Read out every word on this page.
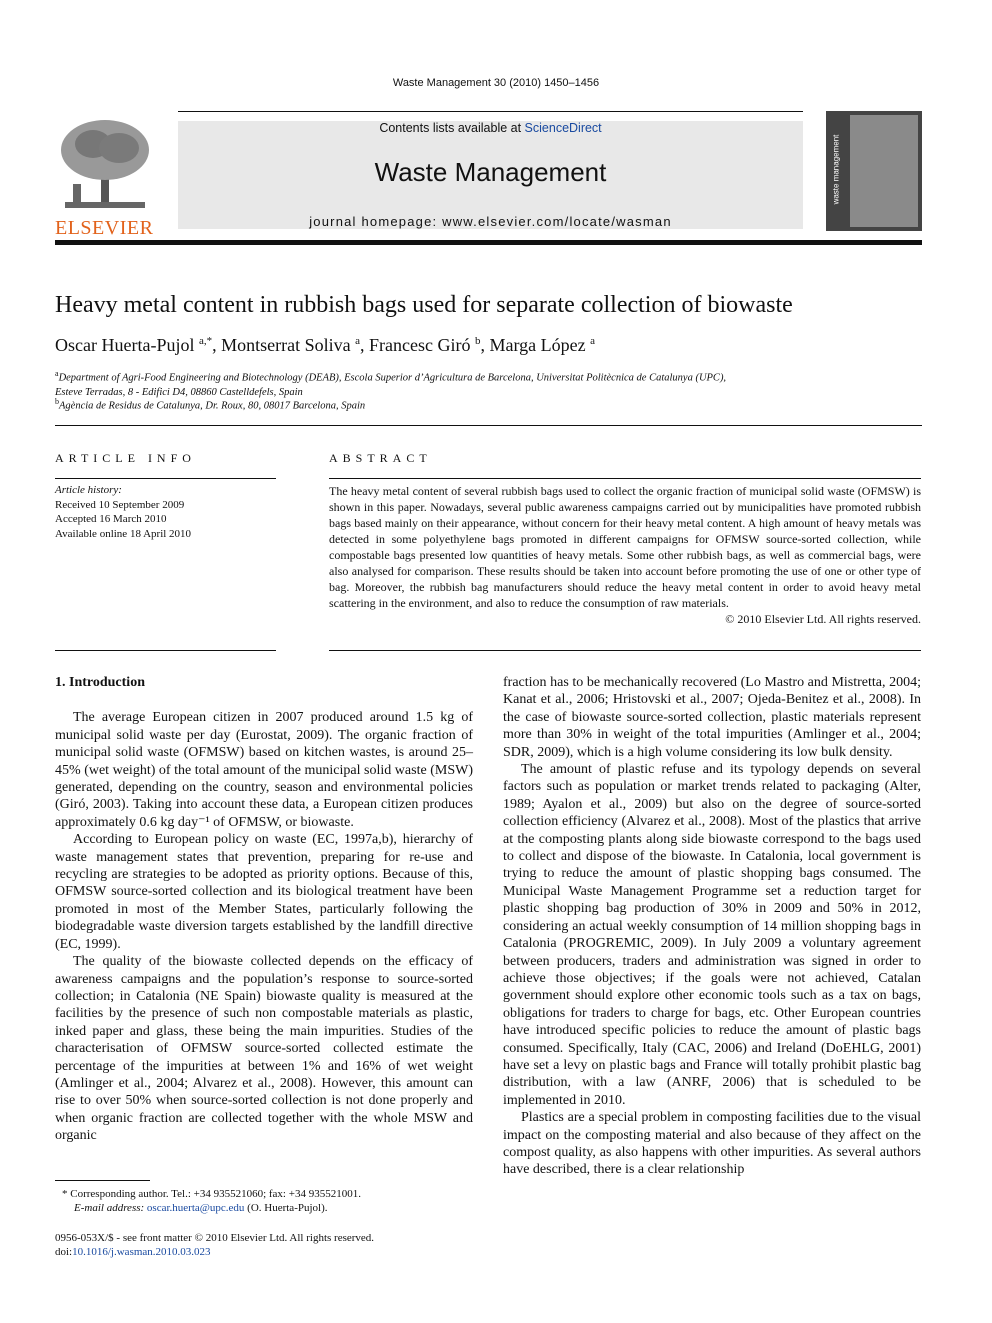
Waste Management 30 (2010) 1450–1456
ELSEVIER
Contents lists available at ScienceDirect
Waste Management
journal homepage: www.elsevier.com/locate/wasman
waste management
Heavy metal content in rubbish bags used for separate collection of biowaste
Oscar Huerta-Pujol $^{a,*}$, Montserrat Soliva $^a$, Francesc Giró $^b$, Marga López $^a$
$^a$Department of Agri-Food Engineering and Biotechnology (DEAB), Escola Superior d’Agricultura de Barcelona, Universitat Politècnica de Catalunya (UPC),
Esteve Terradas, 8 - Edifici D4, 08860 Castelldefels, Spain
$^b$Agència de Residus de Catalunya, Dr. Roux, 80, 08017 Barcelona, Spain
ARTICLE INFO
Article history:
Received 10 September 2009
Accepted 16 March 2010
Available online 18 April 2010
ABSTRACT
The heavy metal content of several rubbish bags used to collect the organic fraction of municipal solid waste (OFMSW) is shown in this paper. Nowadays, several public awareness campaigns carried out by municipalities have promoted rubbish bags based mainly on their appearance, without concern for their heavy metal content. A high amount of heavy metals was detected in some polyethylene bags promoted in different campaigns for OFMSW source-sorted collection, while compostable bags presented low quantities of heavy metals. Some other rubbish bags, as well as commercial bags, were also analysed for comparison. These results should be taken into account before promoting the use of one or other type of bag. Moreover, the rubbish bag manufacturers should reduce the heavy metal content in order to avoid heavy metal scattering in the environment, and also to reduce the consumption of raw materials.
© 2010 Elsevier Ltd. All rights reserved.
1. Introduction

The average European citizen in 2007 produced around 1.5 kg of municipal solid waste per day (Eurostat, 2009). The organic fraction of municipal solid waste (OFMSW) based on kitchen wastes, is around 25–45% (wet weight) of the total amount of the municipal solid waste (MSW) generated, depending on the country, season and environmental policies (Giró, 2003). Taking into account these data, a European citizen produces approximately 0.6 kg day⁻¹ of OFMSW, or biowaste.

According to European policy on waste (EC, 1997a,b), hierarchy of waste management states that prevention, preparing for re-use and recycling are strategies to be adopted as priority options. Because of this, OFMSW source-sorted collection and its biological treatment have been promoted in most of the Member States, particularly following the biodegradable waste diversion targets established by the landfill directive (EC, 1999).

The quality of the biowaste collected depends on the efficacy of awareness campaigns and the population’s response to source-sorted collection; in Catalonia (NE Spain) biowaste quality is measured at the facilities by the presence of such non compostable materials as plastic, inked paper and glass, these being the main impurities. Studies of the characterisation of OFMSW source-sorted collected estimate the percentage of the impurities at between 1% and 16% of wet weight (Amlinger et al., 2004; Alvarez et al., 2008). However, this amount can rise to over 50% when source-sorted collection is not done properly and when organic fraction are collected together with the whole MSW and organic

fraction has to be mechanically recovered (Lo Mastro and Mistretta, 2004; Kanat et al., 2006; Hristovski et al., 2007; Ojeda-Benitez et al., 2008). In the case of biowaste source-sorted collection, plastic materials represent more than 30% in weight of the total impurities (Amlinger et al., 2004; SDR, 2009), which is a high volume considering its low bulk density.

The amount of plastic refuse and its typology depends on several factors such as population or market trends related to packaging (Alter, 1989; Ayalon et al., 2009) but also on the degree of source-sorted collection efficiency (Alvarez et al., 2008). Most of the plastics that arrive at the composting plants along side biowaste correspond to the bags used to collect and dispose of the biowaste. In Catalonia, local government is trying to reduce the amount of plastic shopping bags consumed. The Municipal Waste Management Programme set a reduction target for plastic shopping bag production of 30% in 2009 and 50% in 2012, considering an actual weekly consumption of 14 million shopping bags in Catalonia (PROGREMIC, 2009). In July 2009 a voluntary agreement between producers, traders and administration was signed in order to achieve those objectives; if the goals were not achieved, Catalan government should explore other economic tools such as a tax on bags, obligations for traders to charge for bags, etc. Other European countries have introduced specific policies to reduce the amount of plastic bags consumed. Specifically, Italy (CAC, 2006) and Ireland (DoEHLG, 2001) have set a levy on plastic bags and France will totally prohibit plastic bag distribution, with a law (ANRF, 2006) that is scheduled to be implemented in 2010.

Plastics are a special problem in composting facilities due to the visual impact on the composting material and also because of they affect on the compost quality, as also happens with other impurities. As several authors have described, there is a clear relationship

* Corresponding author. Tel.: +34 935521060; fax: +34 935521001.
E-mail address: oscar.huerta@upc.edu (O. Huerta-Pujol).
0956-053X/$ - see front matter © 2010 Elsevier Ltd. All rights reserved.
doi:10.1016/j.wasman.2010.03.023
